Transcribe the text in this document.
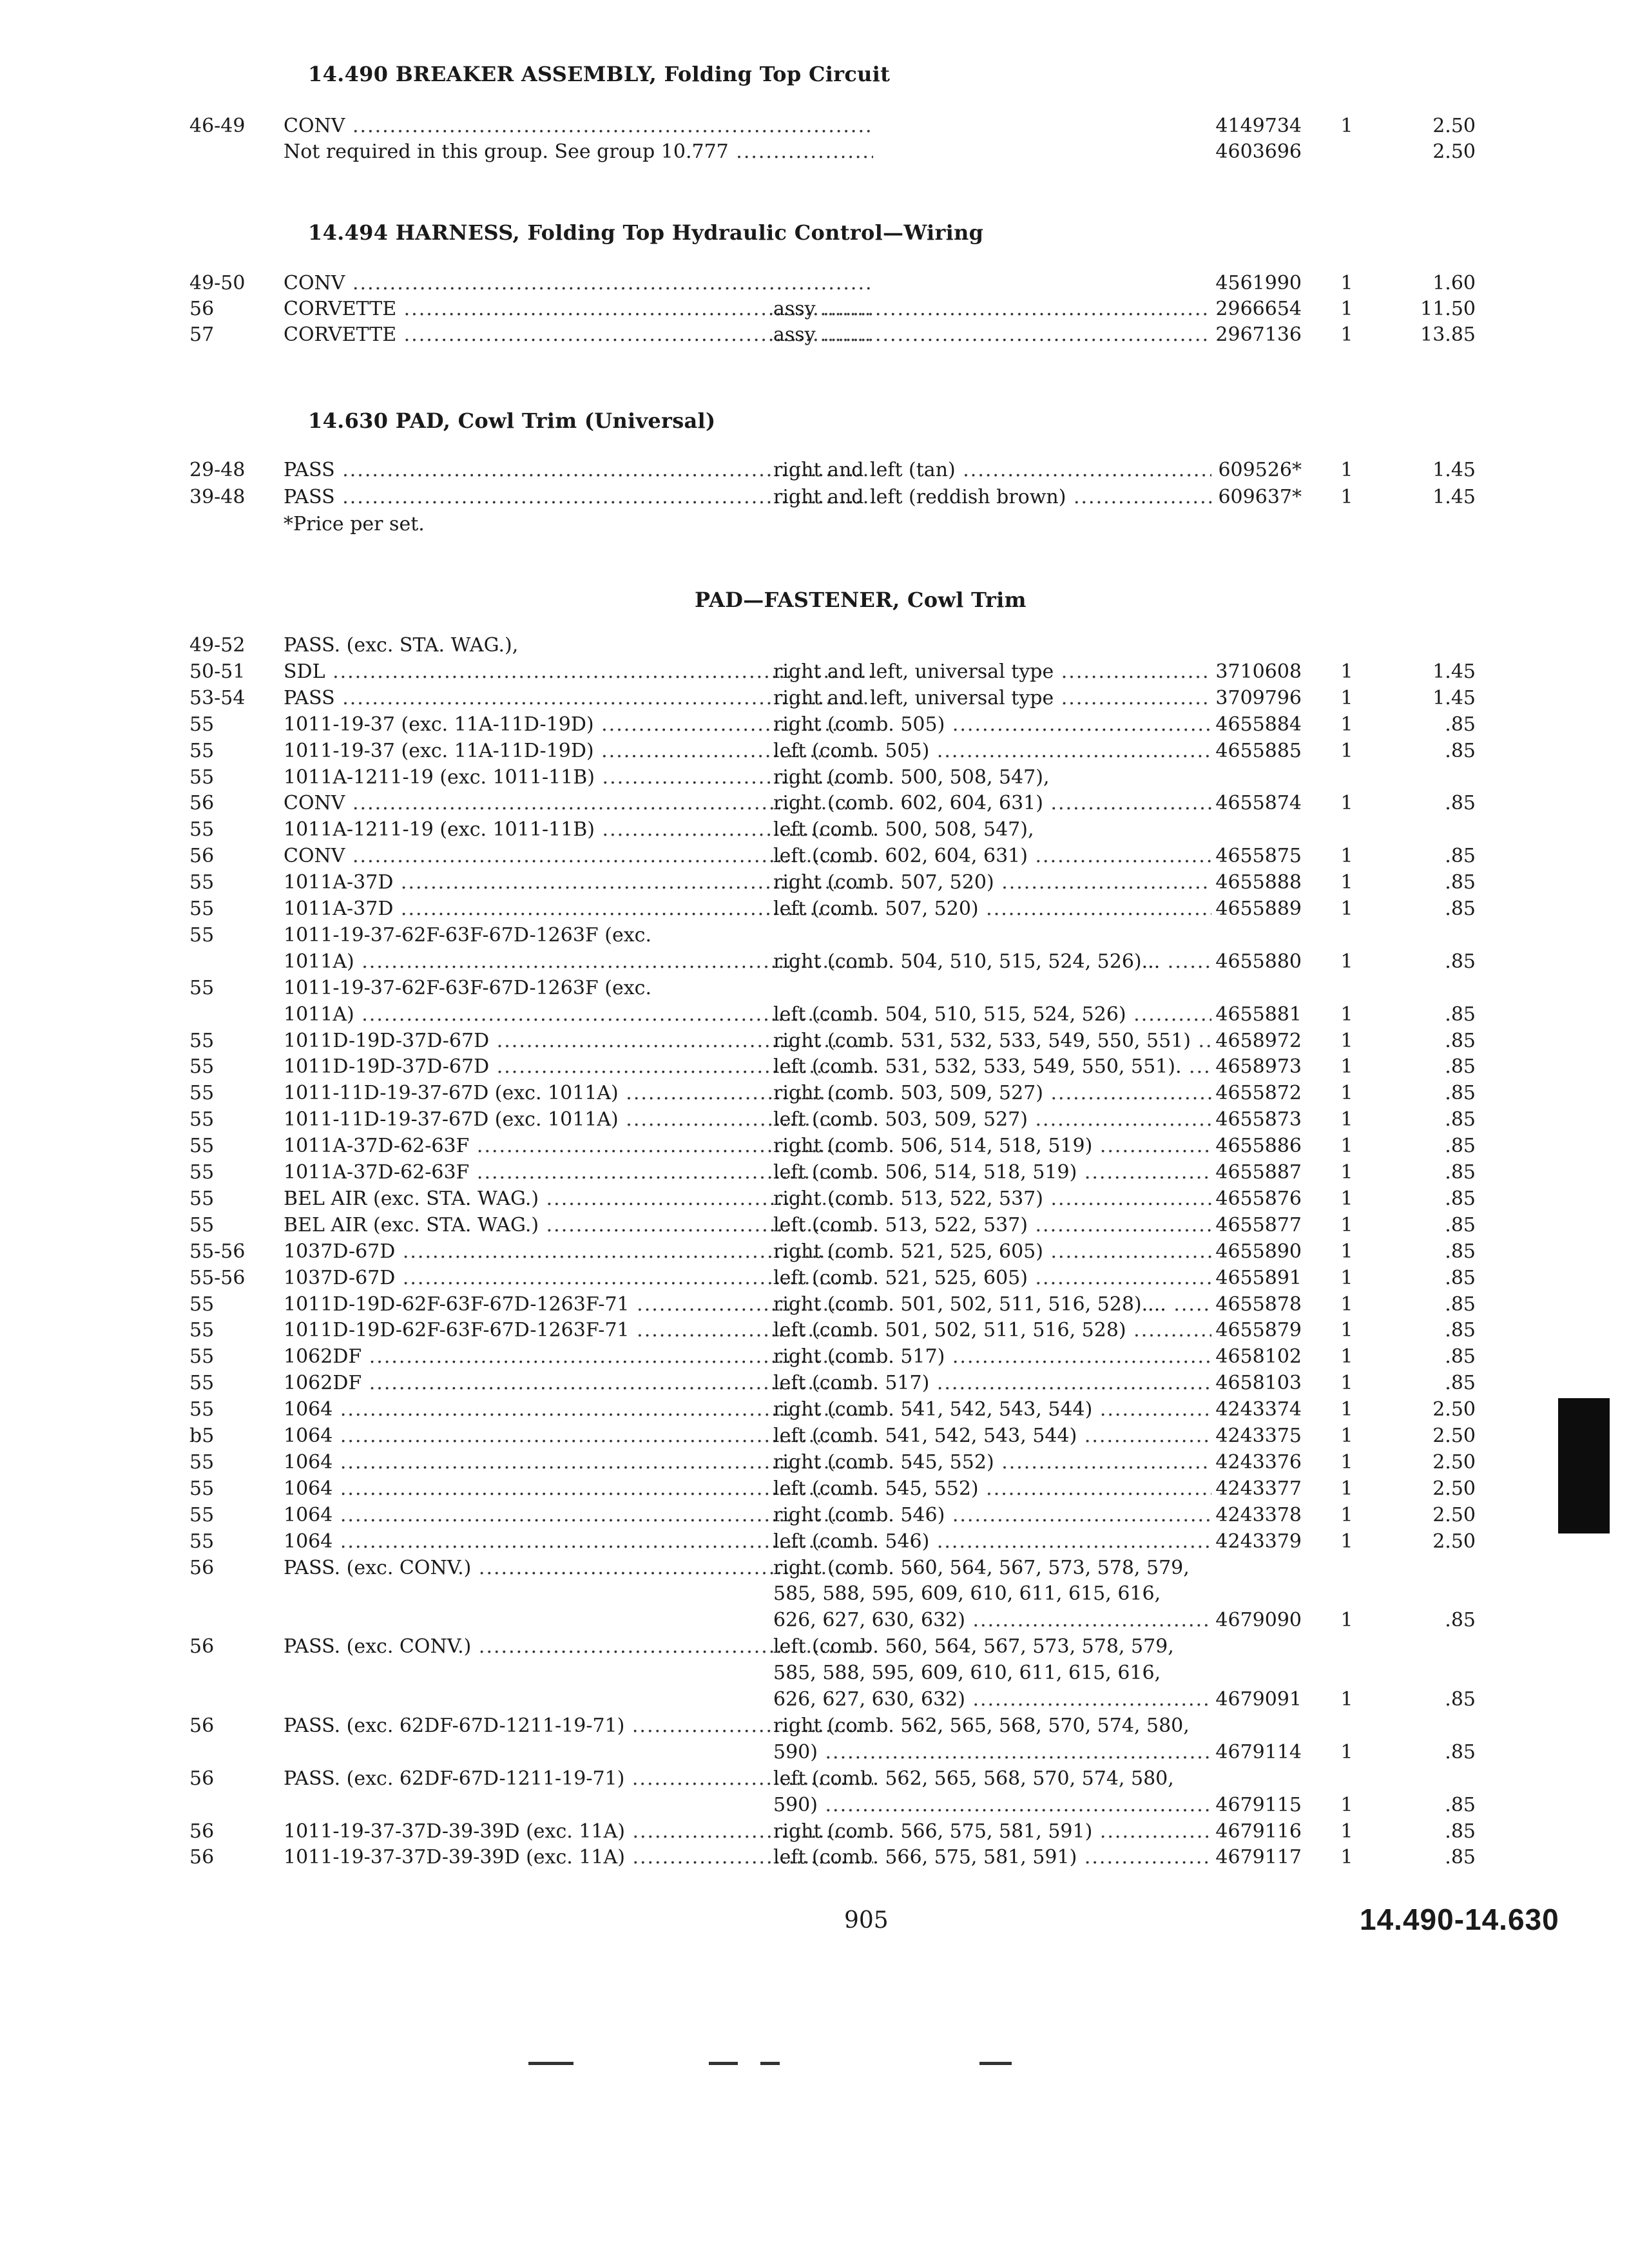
14.490 BREAKER ASSEMBLY, Folding Top Circuit
46-49	CONV .....	4149734	1	2.50
Not required in this group. See group 10.777 .....	4603696	2.50
14.494 HARNESS, Folding Top Hydraulic Control—Wiring
49-50	CONV .....	4561990	1	1.60
56	CORVETTE .....	assy .....	2966654	1	11.50
57	CORVETTE .....	assy .....	2967136	1	13.85
14.630 PAD, Cowl Trim (Universal)
29-48	PASS .....	right and left (tan) .....	609526*	1	1.45
39-48	PASS .....	right and left (reddish brown) .....	609637*	1	1.45
*Price per set.
PAD—FASTENER, Cowl Trim
49-52	PASS. (exc. STA. WAG.),
50-51	SDL .....	right and left, universal type .....	3710608	1	1.45
53-54	PASS .....	right and left, universal type .....	3709796	1	1.45
55	1011-19-37 (exc. 11A-11D-19D) .....	right (comb. 505) .....	4655884	1	.85
55	1011-19-37 (exc. 11A-11D-19D) .....	left (comb. 505) .....	4655885	1	.85
55	1011A-1211-19 (exc. 1011-11B) .....	right (comb. 500, 508, 547),
56	CONV .....	right (comb. 602, 604, 631) .....	4655874	1	.85
55	1011A-1211-19 (exc. 1011-11B) .....	left (comb. 500, 508, 547),
56	CONV .....	left (comb. 602, 604, 631) .....	4655875	1	.85
55	1011A-37D .....	right (comb. 507, 520) .....	4655888	1	.85
55	1011A-37D .....	left (comb. 507, 520) .....	4655889	1	.85
55	1011-19-37-62F-63F-67D-1263F (exc.
1011A) .....	right (comb. 504, 510, 515, 524, 526)... .....	4655880	1	.85
55	1011-19-37-62F-63F-67D-1263F (exc.
1011A) .....	left (comb. 504, 510, 515, 524, 526) .....	4655881	1	.85
55	1011D-19D-37D-67D .....	right (comb. 531, 532, 533, 549, 550, 551) .....	4658972	1	.85
55	1011D-19D-37D-67D .....	left (comb. 531, 532, 533, 549, 550, 551). .....	4658973	1	.85
55	1011-11D-19-37-67D (exc. 1011A) .....	right (comb. 503, 509, 527) .....	4655872	1	.85
55	1011-11D-19-37-67D (exc. 1011A) .....	left (comb. 503, 509, 527) .....	4655873	1	.85
55	1011A-37D-62-63F .....	right (comb. 506, 514, 518, 519) .....	4655886	1	.85
55	1011A-37D-62-63F .....	left (comb. 506, 514, 518, 519) .....	4655887	1	.85
55	BEL AIR (exc. STA. WAG.) .....	right (comb. 513, 522, 537) .....	4655876	1	.85
55	BEL AIR (exc. STA. WAG.) .....	left (comb. 513, 522, 537) .....	4655877	1	.85
55-56	1037D-67D .....	right (comb. 521, 525, 605) .....	4655890	1	.85
55-56	1037D-67D .....	left (comb. 521, 525, 605) .....	4655891	1	.85
55	1011D-19D-62F-63F-67D-1263F-71 .....	right (comb. 501, 502, 511, 516, 528).... .....	4655878	1	.85
55	1011D-19D-62F-63F-67D-1263F-71 .....	left (comb. 501, 502, 511, 516, 528) .....	4655879	1	.85
55	1062DF .....	right (comb. 517) .....	4658102	1	.85
55	1062DF .....	left (comb. 517) .....	4658103	1	.85
55	1064 .....	right (comb. 541, 542, 543, 544) .....	4243374	1	2.50
b5	1064 .....	left (comb. 541, 542, 543, 544) .....	4243375	1	2.50
55	1064 .....	right (comb. 545, 552) .....	4243376	1	2.50
55	1064 .....	left (comb. 545, 552) .....	4243377	1	2.50
55	1064 .....	right (comb. 546) .....	4243378	1	2.50
55	1064 .....	left (comb. 546) .....	4243379	1	2.50
56	PASS. (exc. CONV.) .....	right (comb. 560, 564, 567, 573, 578, 579,
585, 588, 595, 609, 610, 611, 615, 616,
626, 627, 630, 632) .....	4679090	1	.85
56	PASS. (exc. CONV.) .....	left (comb. 560, 564, 567, 573, 578, 579,
585, 588, 595, 609, 610, 611, 615, 616,
626, 627, 630, 632) .....	4679091	1	.85
56	PASS. (exc. 62DF-67D-1211-19-71) .....	right (comb. 562, 565, 568, 570, 574, 580,
590) .....	4679114	1	.85
56	PASS. (exc. 62DF-67D-1211-19-71) .....	left (comb. 562, 565, 568, 570, 574, 580,
590) .....	4679115	1	.85
56	1011-19-37-37D-39-39D (exc. 11A) .....	right (comb. 566, 575, 581, 591) .....	4679116	1	.85
56	1011-19-37-37D-39-39D (exc. 11A) .....	left (comb. 566, 575, 581, 591) .....	4679117	1	.85
905	14.490-14.630
